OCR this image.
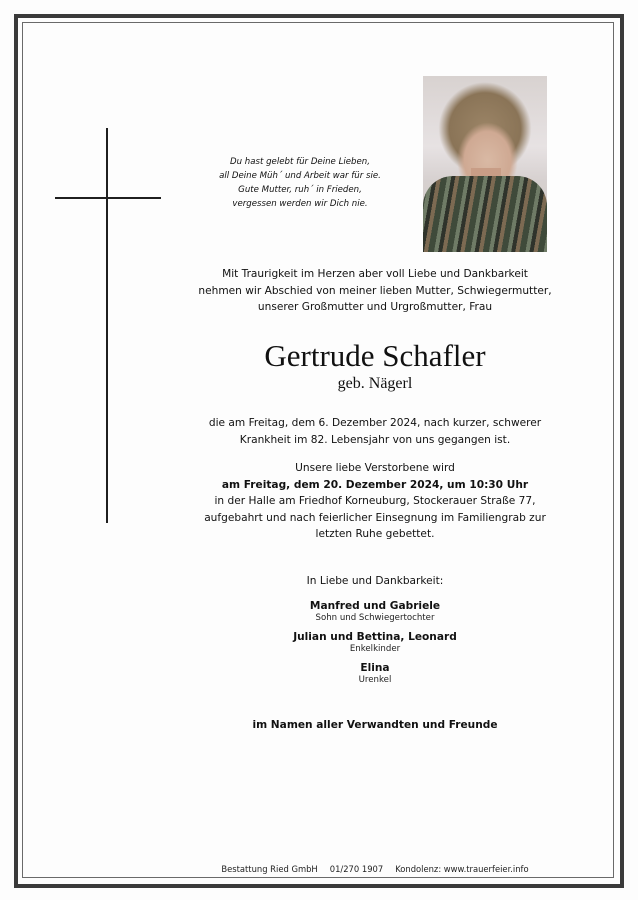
Du hast gelebt für Deine Lieben,
all Deine Müh´ und Arbeit war für sie.
Gute Mutter, ruh´ in Frieden,
vergessen werden wir Dich nie.
Mit Traurigkeit im Herzen aber voll Liebe und Dankbarkeit
nehmen wir Abschied von meiner lieben Mutter, Schwiegermutter,
unserer Großmutter und Urgroßmutter, Frau
Gertrude Schafler
geb. Nägerl
die am Freitag, dem 6. Dezember 2024, nach kurzer, schwerer
Krankheit im 82. Lebensjahr von uns gegangen ist.
Unsere liebe Verstorbene wird
am Freitag, dem 20. Dezember 2024, um 10:30 Uhr
in der Halle am Friedhof Korneuburg, Stockerauer Straße 77,
aufgebahrt und nach feierlicher Einsegnung im Familiengrab zur
letzten Ruhe gebettet.
In Liebe und Dankbarkeit:
Manfred und Gabriele
Sohn und Schwiegertochter
Julian und Bettina, Leonard
Enkelkinder
Elina
Urenkel
im Namen aller Verwandten und Freunde
Bestattung Ried GmbH 01/270 1907 Kondolenz: www.trauerfeier.info
